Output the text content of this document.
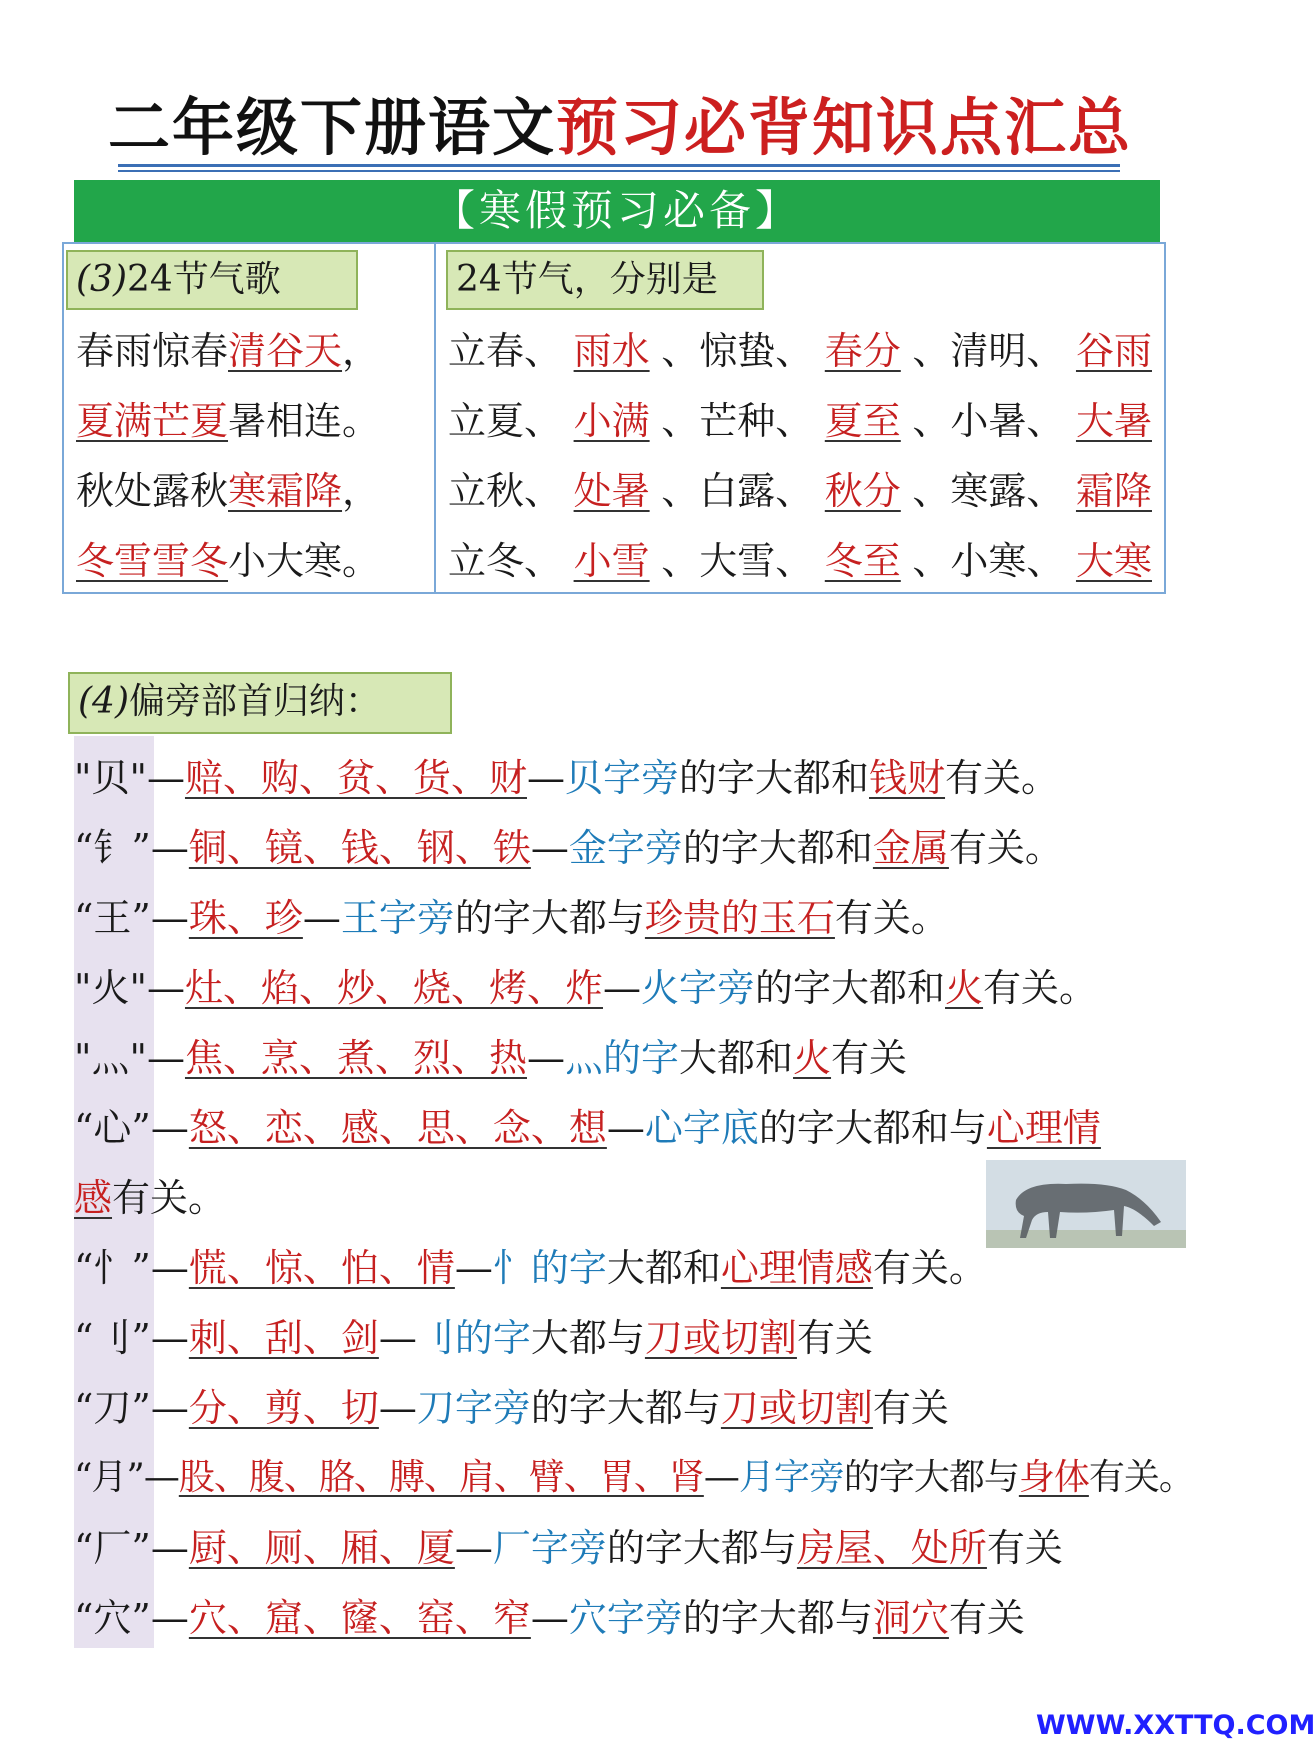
二年级下册语文预习必背知识点汇总
【寒假预习必备】
(3)24节气歌
春雨惊春清谷天，
夏满芒夏暑相连。
秋处露秋寒霜降，
冬雪雪冬小大寒。
24节气，分别是
立春、 雨水 、惊蛰、 春分 、清明、 谷雨
立夏、 小满 、芒种、 夏至 、小暑、 大暑
立秋、 处暑 、白露、 秋分 、寒露、 霜降
立冬、 小雪 、大雪、 冬至 、小寒、 大寒
(4)偏旁部首归纳：
"贝"—赔、购、贫、货、财—贝字旁的字大都和钱财有关。
“钅”—铜、镜、钱、钢、铁—金字旁的字大都和金属有关。
“王”—珠、珍—王字旁的字大都与珍贵的玉石有关。
"火"—灶、焰、炒、烧、烤、炸—火字旁的字大都和火有关。
"灬"—焦、烹、煮、烈、热—灬的字大都和火有关
“心”—怒、恋、感、思、念、想—心字底的字大都和与心理情
感有关。
“忄”—慌、惊、怕、情—忄的字大都和心理情感有关。
“刂”—刺、刮、剑—刂的字大都与刀或切割有关
“刀”—分、剪、切—刀字旁的字大都与刀或切割有关
“月”—股、腹、胳、膊、肩、臂、胃、肾—月字旁的字大都与身体有关。
“厂”—厨、厕、厢、厦—厂字旁的字大都与房屋、处所有关
“穴”—穴、窟、窿、窑、窄—穴字旁的字大都与洞穴有关
WWW.XXTTQ.COM
